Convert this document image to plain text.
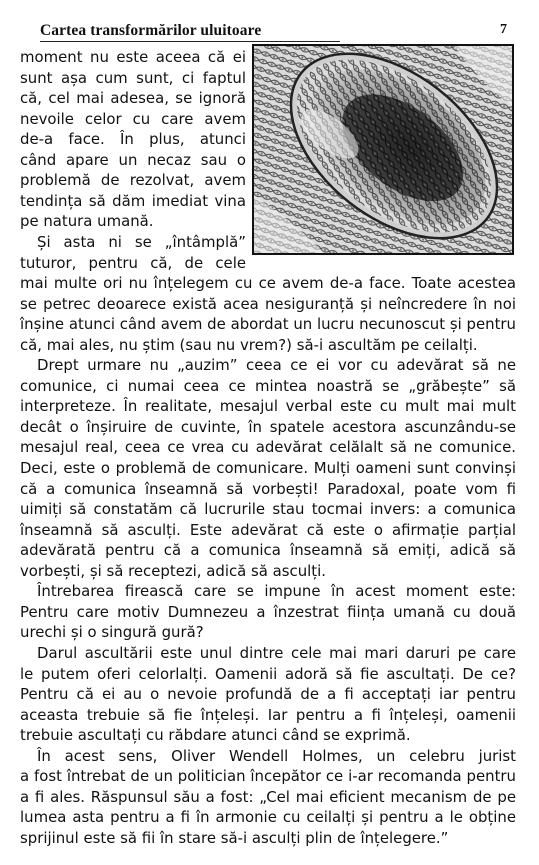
Cartea transformărilor uluitoare	7
moment nu este aceea că ei
sunt așa cum sunt, ci faptul
că, cel mai adesea, se ignoră
nevoile celor cu care avem
de-a face. În plus, atunci
când apare un necaz sau o
problemă de rezolvat, avem
tendința să dăm imediat vina
pe natura umană.
Și asta ni se „întâmplă”
tuturor, pentru că, de cele
mai multe ori nu înțelegem cu ce avem de-a face. Toate acestea
se petrec deoarece există acea nesiguranță și neîncredere în noi
înșine atunci când avem de abordat un lucru necunoscut și pentru
că, mai ales, nu știm (sau nu vrem?) să-i ascultăm pe ceilalți.
Drept urmare nu „auzim” ceea ce ei vor cu adevărat să ne
comunice, ci numai ceea ce mintea noastră se „grăbește” să
interpreteze. În realitate, mesajul verbal este cu mult mai mult
decât o înșiruire de cuvinte, în spatele acestora ascunzându-se
mesajul real, ceea ce vrea cu adevărat celălalt să ne comunice.
Deci, este o problemă de comunicare. Mulți oameni sunt convinși
că a comunica înseamnă să vorbești! Paradoxal, poate vom fi
uimiți să constatăm că lucrurile stau tocmai invers: a comunica
înseamnă să asculți. Este adevărat că este o afirmație parțial
adevărată pentru că a comunica înseamnă să emiți, adică să
vorbești, și să receptezi, adică să asculți.
Întrebarea firească care se impune în acest moment este:
Pentru care motiv Dumnezeu a înzestrat ființa umană cu două
urechi și o singură gură?
Darul ascultării este unul dintre cele mai mari daruri pe care
le putem oferi celorlalți. Oamenii adoră să fie ascultați. De ce?
Pentru că ei au o nevoie profundă de a fi acceptați iar pentru
aceasta trebuie să fie înțeleși. Iar pentru a fi înțeleși, oamenii
trebuie ascultați cu răbdare atunci când se exprimă.
În acest sens, Oliver Wendell Holmes, un celebru jurist
a fost întrebat de un politician începător ce i-ar recomanda pentru
a fi ales. Răspunsul său a fost: „Cel mai eficient mecanism de pe
lumea asta pentru a fi în armonie cu ceilalți și pentru a le obține
sprijinul este să fii în stare să-i asculți plin de înțelegere.”
